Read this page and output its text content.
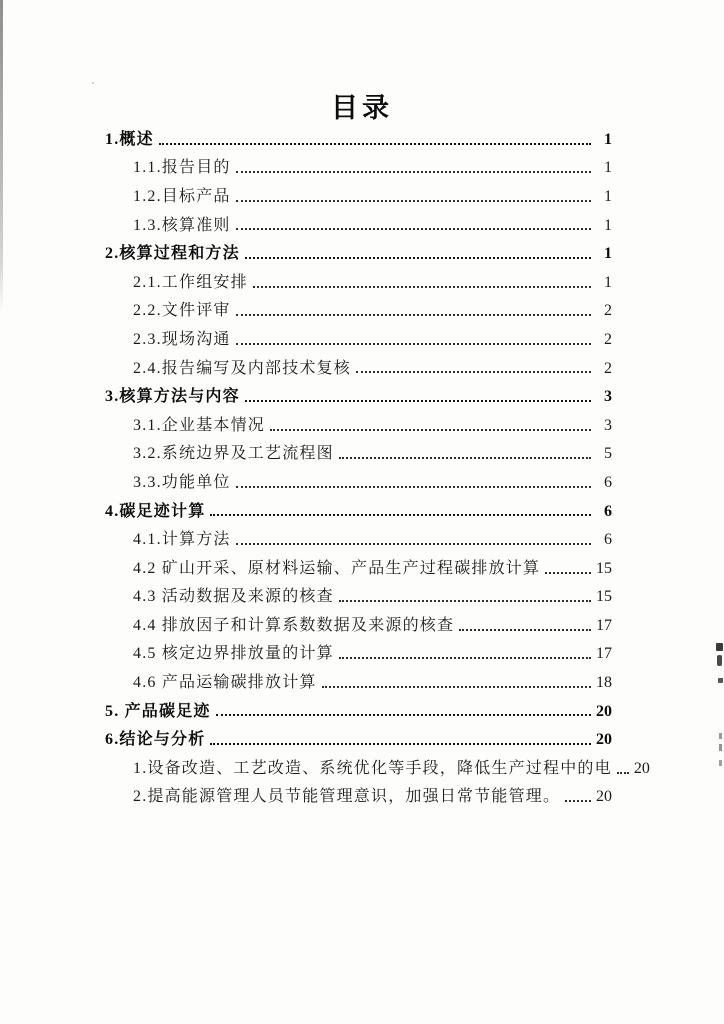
目录
1.概述	1
1.1.报告目的	1
1.2.目标产品	1
1.3.核算准则	1
2.核算过程和方法	1
2.1.工作组安排	1
2.2.文件评审	2
2.3.现场沟通	2
2.4.报告编写及内部技术复核	2
3.核算方法与内容	3
3.1.企业基本情况	3
3.2.系统边界及工艺流程图	5
3.3.功能单位	6
4.碳足迹计算	6
4.1.计算方法	6
4.2 矿山开采、原材料运输、产品生产过程碳排放计算	15
4.3 活动数据及来源的核查	15
4.4 排放因子和计算系数数据及来源的核查	17
4.5 核定边界排放量的计算	17
4.6 产品运输碳排放计算	18
5. 产品碳足迹	20
6.结论与分析	20
1.设备改造、工艺改造、系统优化等手段，降低生产过程中的电 20
2.提高能源管理人员节能管理意识，加强日常节能管理。 20
